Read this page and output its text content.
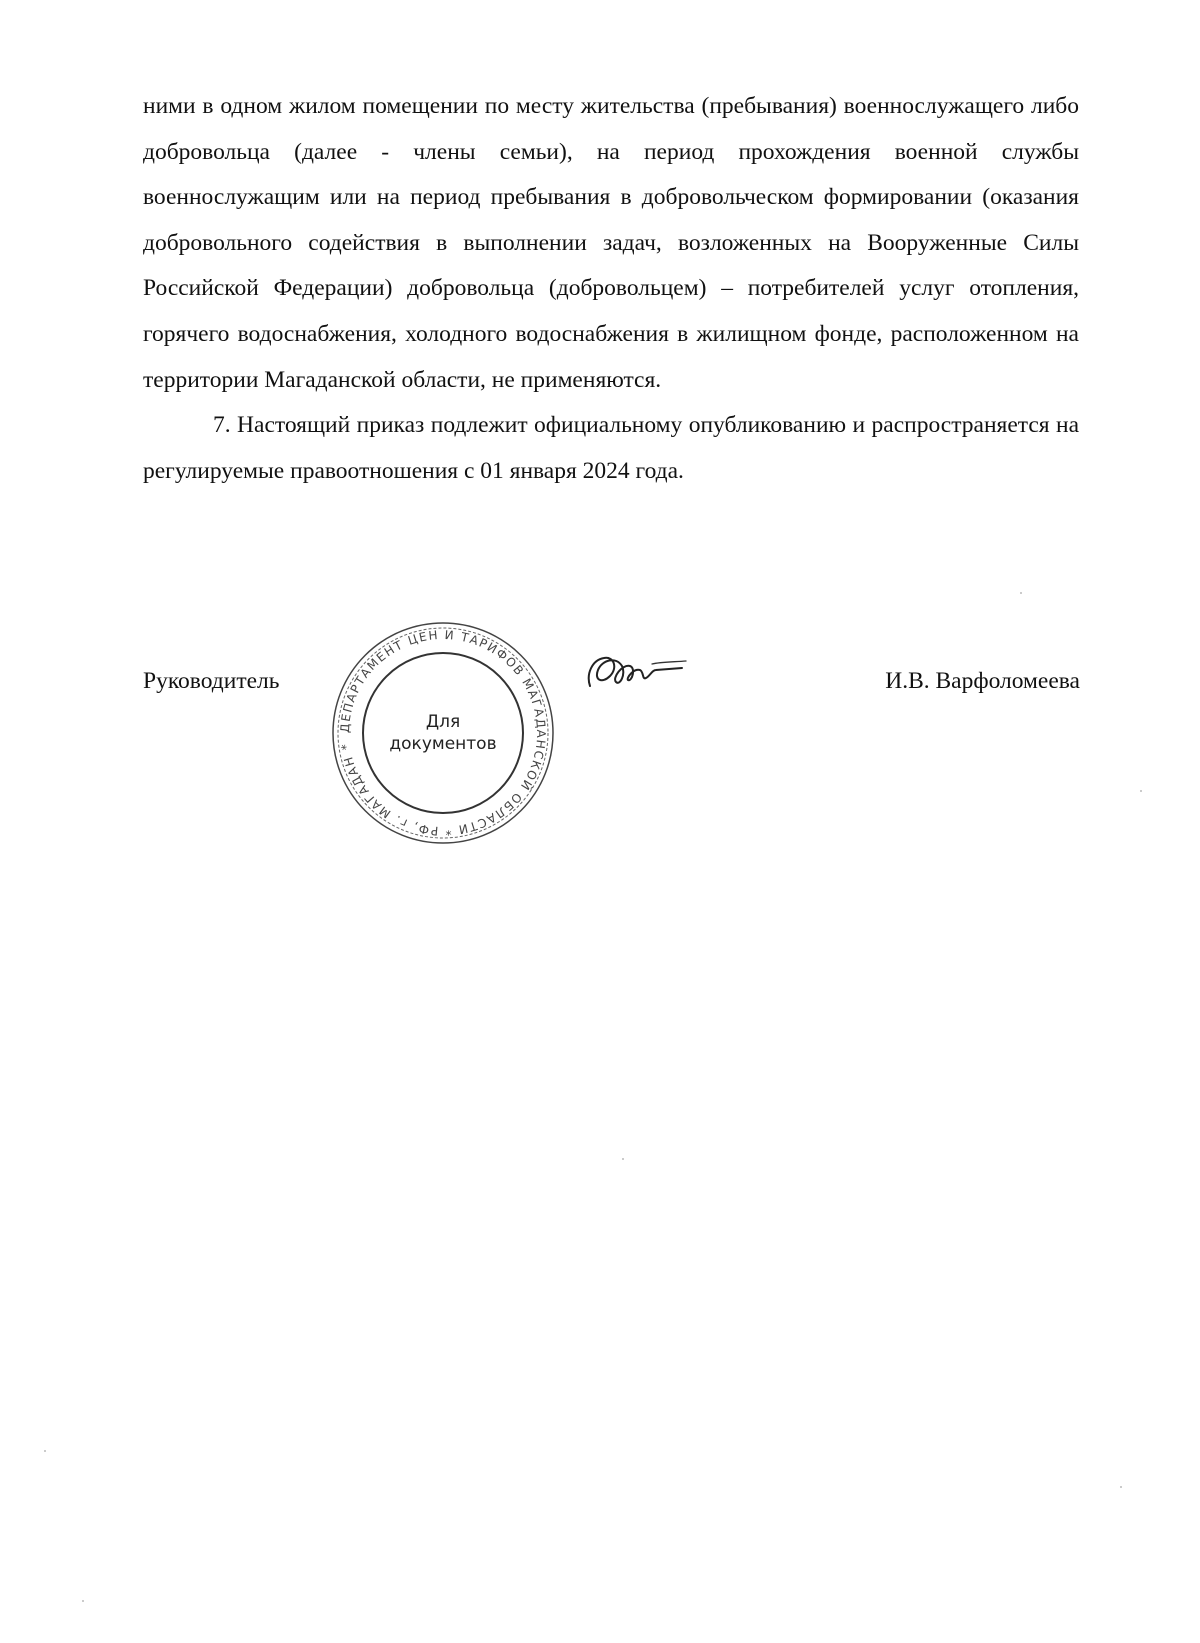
ними в одном жилом помещении по месту жительства (пребывания) военнослужащего либо добровольца (далее - члены семьи), на период прохождения военной службы военнослужащим или на период пребывания в добровольческом формировании (оказания добровольного содействия в выполнении задач, возложенных на Вооруженные Силы Российской Федерации) добровольца (добровольцем) – потребителей услуг отопления, горячего водоснабжения, холодного водоснабжения в жилищном фонде, расположенном на территории Магаданской области, не применяются.

7. Настоящий приказ подлежит официальному опубликованию и распространяется на регулируемые правоотношения с 01 января 2024 года.

Руководитель
ДЕПАРТАМЕНТ ЦЕН И ТАРИФОВ МАГАДАНСКОЙ ОБЛАСТИ * РФ, г. МАГАДАН *
Для
документов
И.В. Варфоломеева
